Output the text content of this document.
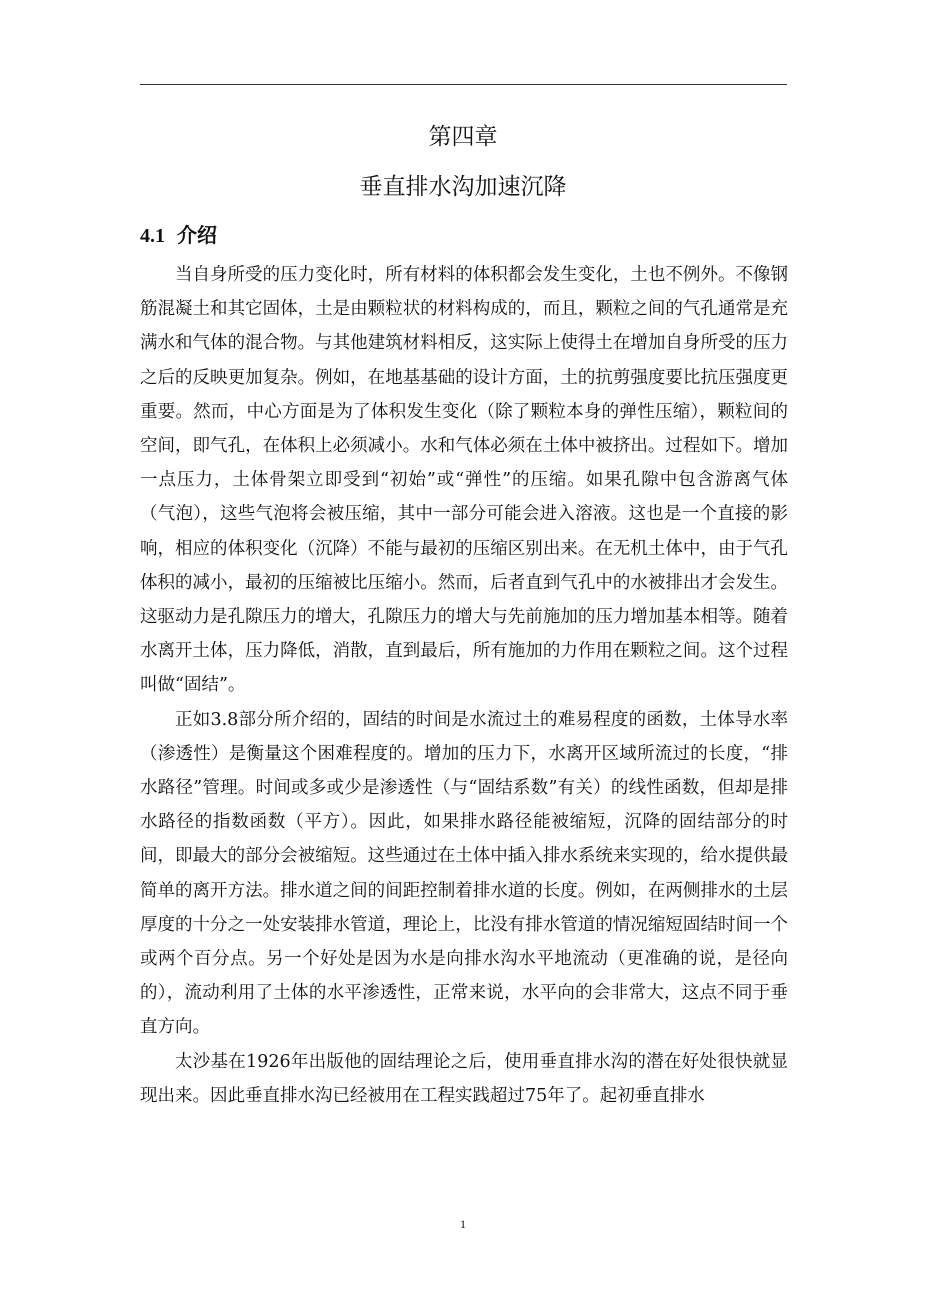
第四章
垂直排水沟加速沉降
4.1 介绍

当自身所受的压力变化时，所有材料的体积都会发生变化，土也不例外。不像钢筋混凝土和其它固体，土是由颗粒状的材料构成的，而且，颗粒之间的气孔通常是充满水和气体的混合物。与其他建筑材料相反，这实际上使得土在增加自身所受的压力之后的反映更加复杂。例如，在地基基础的设计方面，土的抗剪强度要比抗压强度更重要。然而，中心方面是为了体积发生变化（除了颗粒本身的弹性压缩），颗粒间的空间，即气孔，在体积上必须减小。水和气体必须在土体中被挤出。过程如下。增加一点压力，土体骨架立即受到“初始”或“弹性”的压缩。如果孔隙中包含游离气体（气泡），这些气泡将会被压缩，其中一部分可能会进入溶液。这也是一个直接的影响，相应的体积变化（沉降）不能与最初的压缩区别出来。在无机土体中，由于气孔体积的减小，最初的压缩被比压缩小。然而，后者直到气孔中的水被排出才会发生。这驱动力是孔隙压力的增大，孔隙压力的增大与先前施加的压力增加基本相等。随着水离开土体，压力降低，消散，直到最后，所有施加的力作用在颗粒之间。这个过程叫做“固结”。

正如3.8部分所介绍的，固结的时间是水流过土的难易程度的函数，土体导水率（渗透性）是衡量这个困难程度的。增加的压力下，水离开区域所流过的长度，“排水路径”管理。时间或多或少是渗透性（与“固结系数”有关）的线性函数，但却是排水路径的指数函数（平方）。因此，如果排水路径能被缩短，沉降的固结部分的时间，即最大的部分会被缩短。这些通过在土体中插入排水系统来实现的，给水提供最简单的离开方法。排水道之间的间距控制着排水道的长度。例如，在两侧排水的土层厚度的十分之一处安装排水管道，理论上，比没有排水管道的情况缩短固结时间一个或两个百分点。另一个好处是因为水是向排水沟水平地流动（更准确的说，是径向的），流动利用了土体的水平渗透性，正常来说，水平向的会非常大，这点不同于垂直方向。

太沙基在1926年出版他的固结理论之后，使用垂直排水沟的潜在好处很快就显现出来。因此垂直排水沟已经被用在工程实践超过75年了。起初垂直排水

1
